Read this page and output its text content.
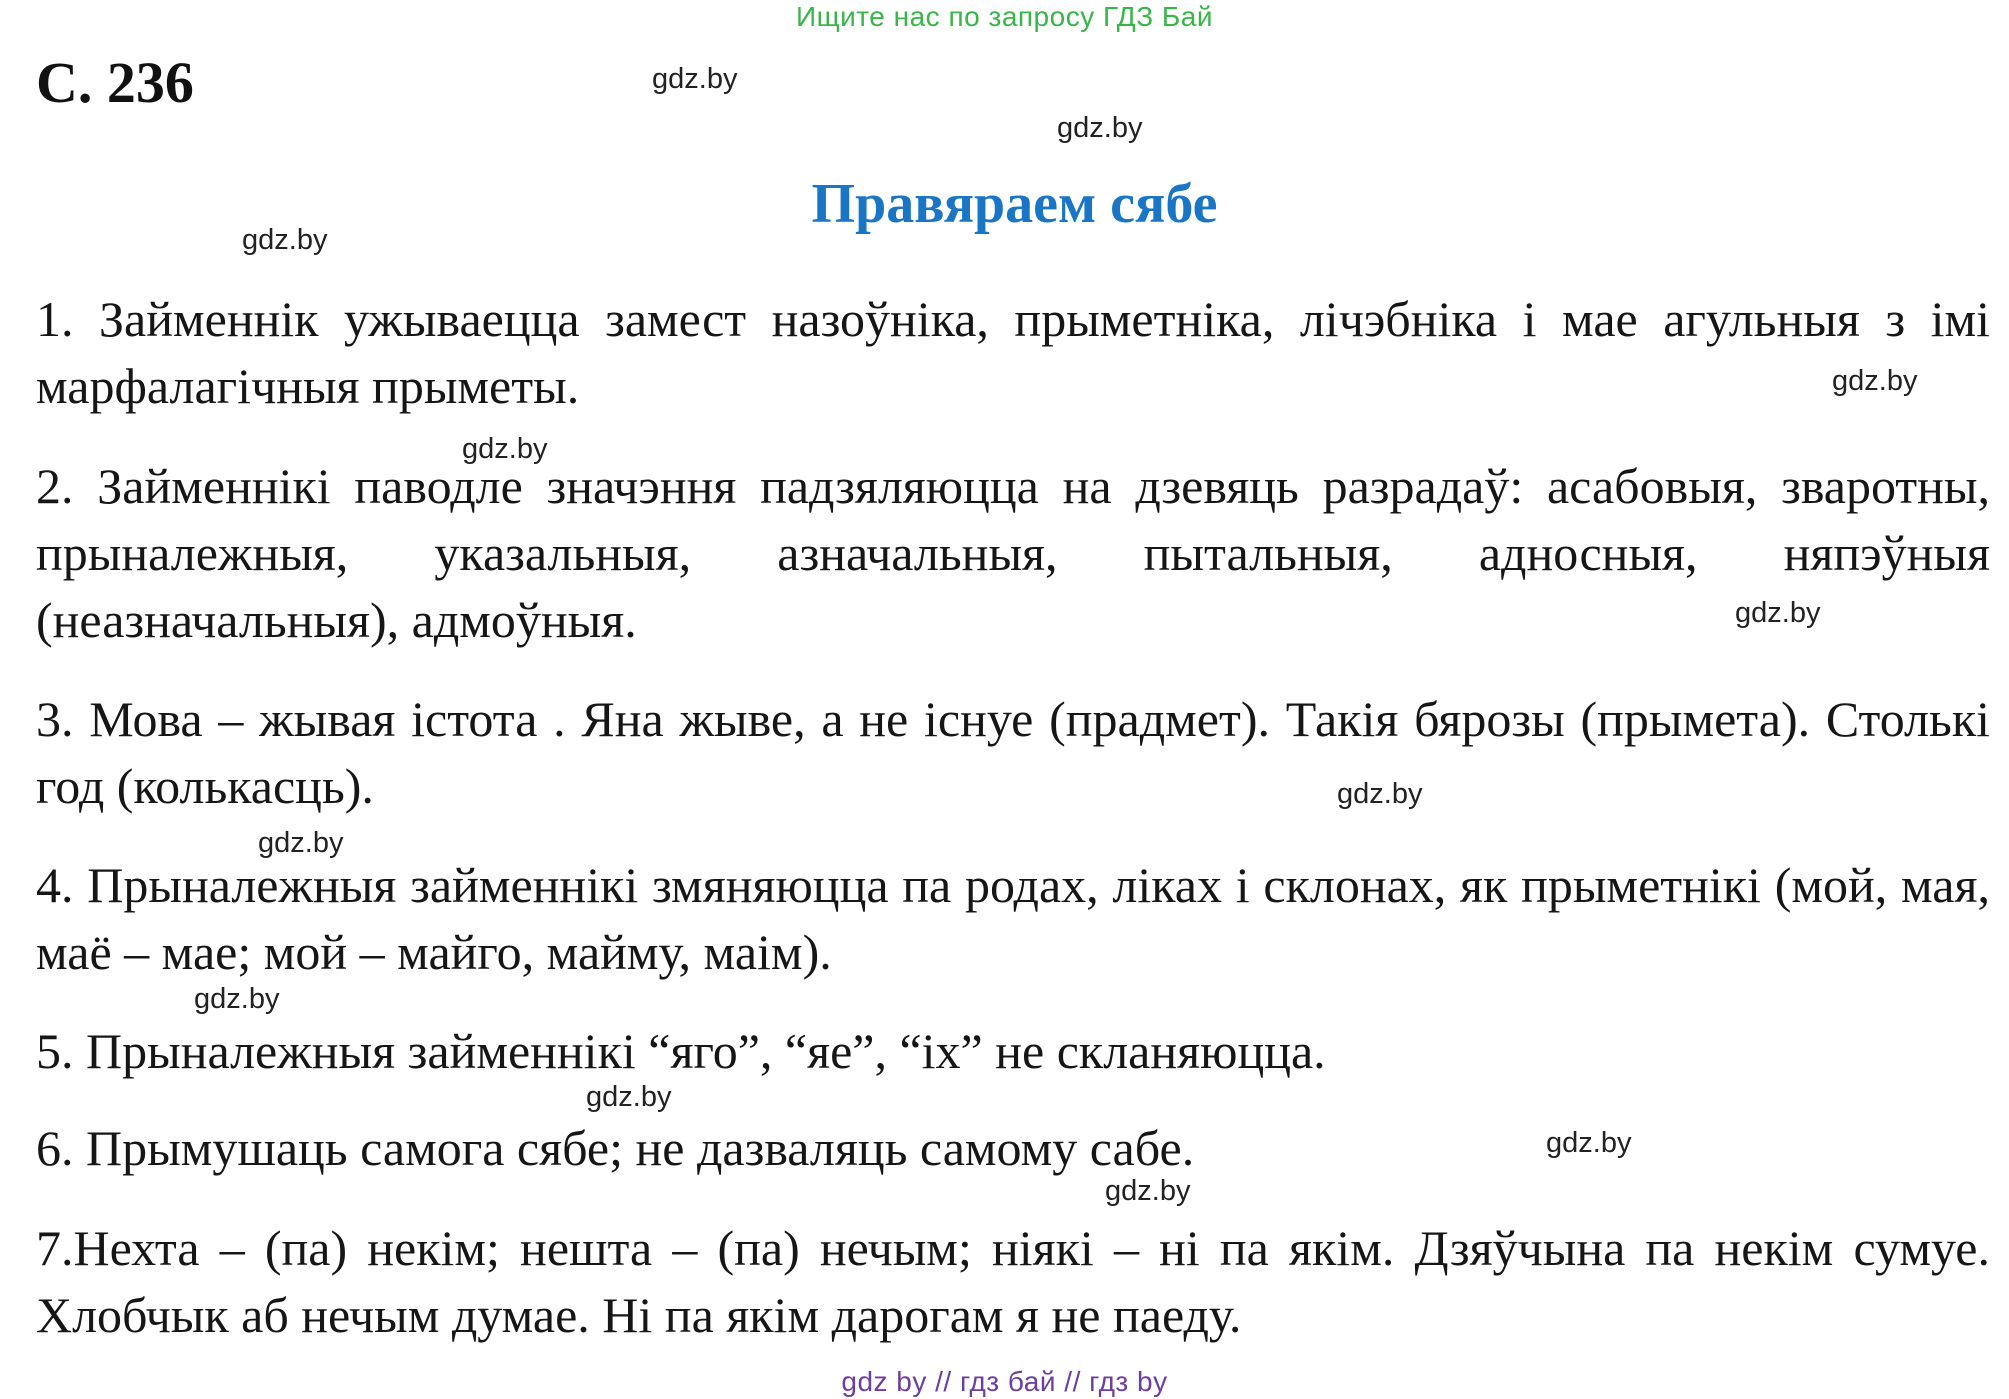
Ищите нас по запросу ГДЗ Бай
С. 236
Правяраем сябе
gdz.by
gdz.by
gdz.by
gdz.by
gdz.by
gdz.by
gdz.by
gdz.by
gdz.by
gdz.by
gdz.by
gdz.by

1. Займеннік ужываецца замест назоўніка, прыметніка, лічэбніка і мае агульныя з імі марфалагічныя прыметы.

2. Займеннікі паводле значэння падзяляюцца на дзевяць разрадаў: асабовыя, зваротны, прыналежныя, указальныя, азначальныя, пытальныя, адносныя, няпэўныя (неазначальныя), адмоўныя.

3. Мова – жывая істота . Яна жыве, а не існуе (прадмет). Такія бярозы (прымета). Столькі год (колькасць).

4. Прыналежныя займеннікі змяняюцца па родах, ліках і склонах, як прыметнікі (мой, мая, маё – мае; мой – майго, майму, маім).

5. Прыналежныя займеннікі “яго”, “яе”, “іх” не скланяюцца.

6. Прымушаць самога сябе; не дазваляць самому сабе.

7.Нехта – (па) некім; нешта – (па) нечым; ніякі – ні па якім. Дзяўчына па некім сумуе. Хлобчык аб нечым думае. Ні па якім дарогам я не паеду.

gdz by // гдз бай // гдз by
